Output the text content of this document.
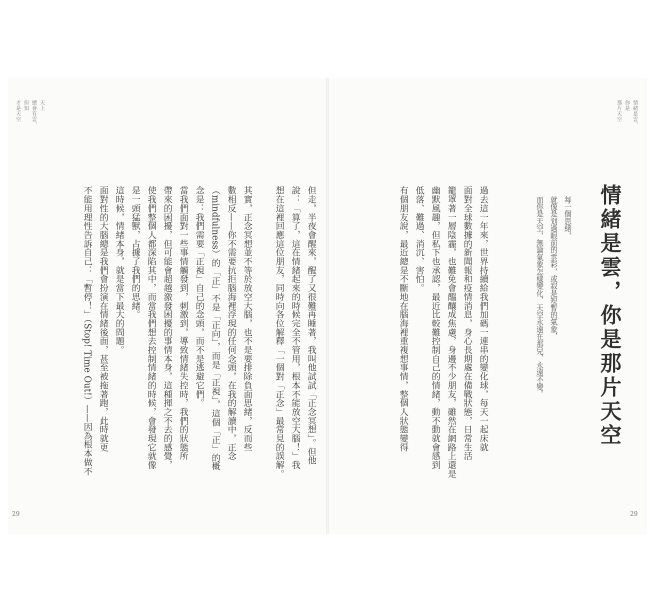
天上
總會有雲，
但知
才是天空
但走，半夜會醒來，醒了又很難再睡著，我叫他試試「正念冥想」。但他
說：「算了，這在情緒起來的時候完全不管用，根本不能放空大腦！」我
想在這裡回應這位朋友，同時向各位解釋「一個對「正念」最常見的誤解。
其實，正念冥想並不等於放空大腦，也不是要排除負面思緒，反而些
數相反——你不需要抗拒腦海裡浮現的任何念頭，在我的解讀中，正念
（mindfulness）的「正」不是「正向」，而是「正視」，這個「正」的概
念是：我們需要「正視」自己的念頭，而不是逃避它們。
當我們面對一些事情觸發到，刺激到，導致情緒失控時，我們的狀態所
帶來的困擾，但可能會超越激發困擾的事情本身，這種揮之不去的感覺，
使我們整個人都深陷其中，而當我們想去控制情緒的時候，會發現它就像
是一頭猛獸，占據了我們的思緒。
這時候，情緒本身，就是當下最大的問題。
面對性的大腦總是我們會扮演在情緒後面，甚至被拖著跑，此時就更
不能用理性告訴自己：「暫停！」（Stop! Time Out!）——因為根本做不
29
情緒是雲，
你是
那片天空
情緒是雲，你是那片天空
每一個思緒，
就像是划過眼前的雲彩，或寂是短暫的氣象，
而你是天空，無論氣象怎樣變化，天空永遠在那兒，永遠不變。
過去這一年來，世界持續給我們加碼一連串的變化球，每天一起床就
面對全球數據的新聞報和疫情消息，身心長期處在備戰狀態，日常生活
籠罩著一層陰霾，也難免會醞釀成焦慮，身邊不少朋友，雖然在網路上還是
幽默風趣，但私下也承認，最近比較難控制自己的情緒，動不動就會感到
低落、難過、消沉、害怕。
有個朋友說，最近總是不斷地在腦海裡重複想事情，整個人狀態變得
29
